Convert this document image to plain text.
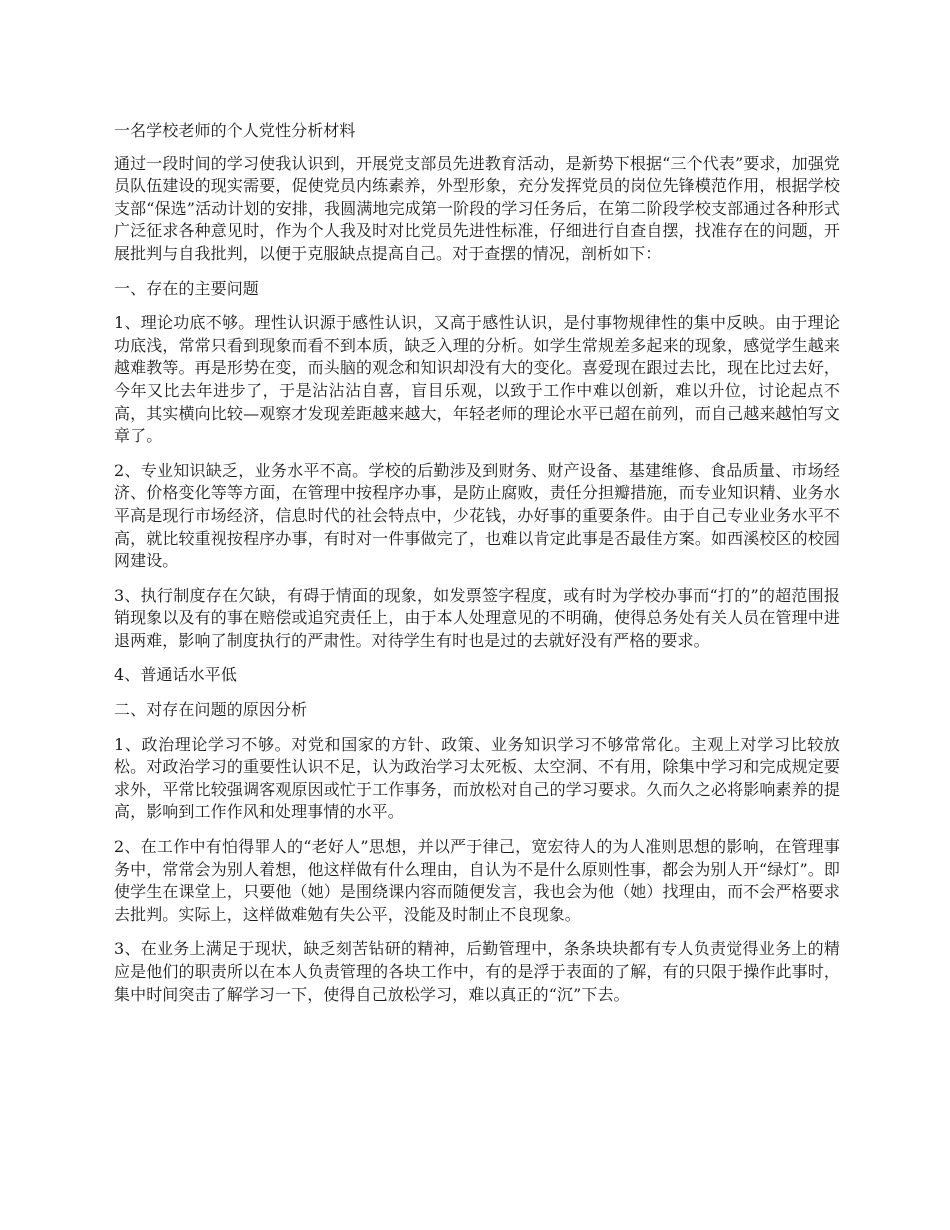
一名学校老师的个人党性分析材料
通过一段时间的学习使我认识到，开展党支部员先进教育活动，是新势下根据“三个代表”要求，加强党员队伍建设的现实需要，促使党员内练素养，外型形象，充分发挥党员的岗位先锋模范作用，根据学校支部“保选”活动计划的安排，我圆满地完成第一阶段的学习任务后，在第二阶段学校支部通过各种形式广泛征求各种意见时，作为个人我及时对比党员先进性标准，仔细进行自查自摆，找准存在的问题，开展批判与自我批判，以便于克服缺点提高自己。对于查摆的情况，剖析如下：
一、存在的主要问题
1、理论功底不够。理性认识源于感性认识，又高于感性认识，是付事物规律性的集中反映。由于理论功底浅，常常只看到现象而看不到本质，缺乏入理的分析。如学生常规差多起来的现象，感觉学生越来越难教等。再是形势在变，而头脑的观念和知识却没有大的变化。喜爱现在跟过去比，现在比过去好，今年又比去年进步了，于是沾沾沾自喜，盲目乐观，以致于工作中难以创新，难以升位，讨论起点不高，其实横向比较—观察才发现差距越来越大，年轻老师的理论水平已超在前列，而自己越来越怕写文章了。
2、专业知识缺乏，业务水平不高。学校的后勤涉及到财务、财产设备、基建维修、食品质量、市场经济、价格变化等等方面，在管理中按程序办事，是防止腐败，责任分担瓣措施，而专业知识精、业务水平高是现行市场经济，信息时代的社会特点中，少花钱，办好事的重要条件。由于自己专业业务水平不高，就比较重视按程序办事，有时对一件事做完了，也难以肯定此事是否最佳方案。如西溪校区的校园网建设。
3、执行制度存在欠缺，有碍于情面的现象，如发票签字程度，或有时为学校办事而“打的”的超范围报销现象以及有的事在赔偿或追究责任上，由于本人处理意见的不明确，使得总务处有关人员在管理中进退两难，影响了制度执行的严肃性。对待学生有时也是过的去就好没有严格的要求。
4、普通话水平低
二、对存在问题的原因分析
1、政治理论学习不够。对党和国家的方针、政策、业务知识学习不够常常化。主观上对学习比较放松。对政治学习的重要性认识不足，认为政治学习太死板、太空洞、不有用，除集中学习和完成规定要求外，平常比较强调客观原因或忙于工作事务，而放松对自己的学习要求。久而久之必将影响素养的提高，影响到工作作风和处理事情的水平。
2、在工作中有怕得罪人的“老好人”思想，并以严于律己，宽宏待人的为人准则思想的影响，在管理事务中，常常会为别人着想，他这样做有什么理由，自认为不是什么原则性事，都会为别人开“绿灯”。即使学生在课堂上，只要他（她）是围绕课内容而随便发言，我也会为他（她）找理由，而不会严格要求去批判。实际上，这样做难勉有失公平，没能及时制止不良现象。
3、在业务上满足于现状，缺乏刻苦钻研的精神，后勤管理中，条条块块都有专人负责觉得业务上的精应是他们的职责所以在本人负责管理的各块工作中，有的是浮于表面的了解，有的只限于操作此事时，集中时间突击了解学习一下，使得自己放松学习，难以真正的“沉”下去。
